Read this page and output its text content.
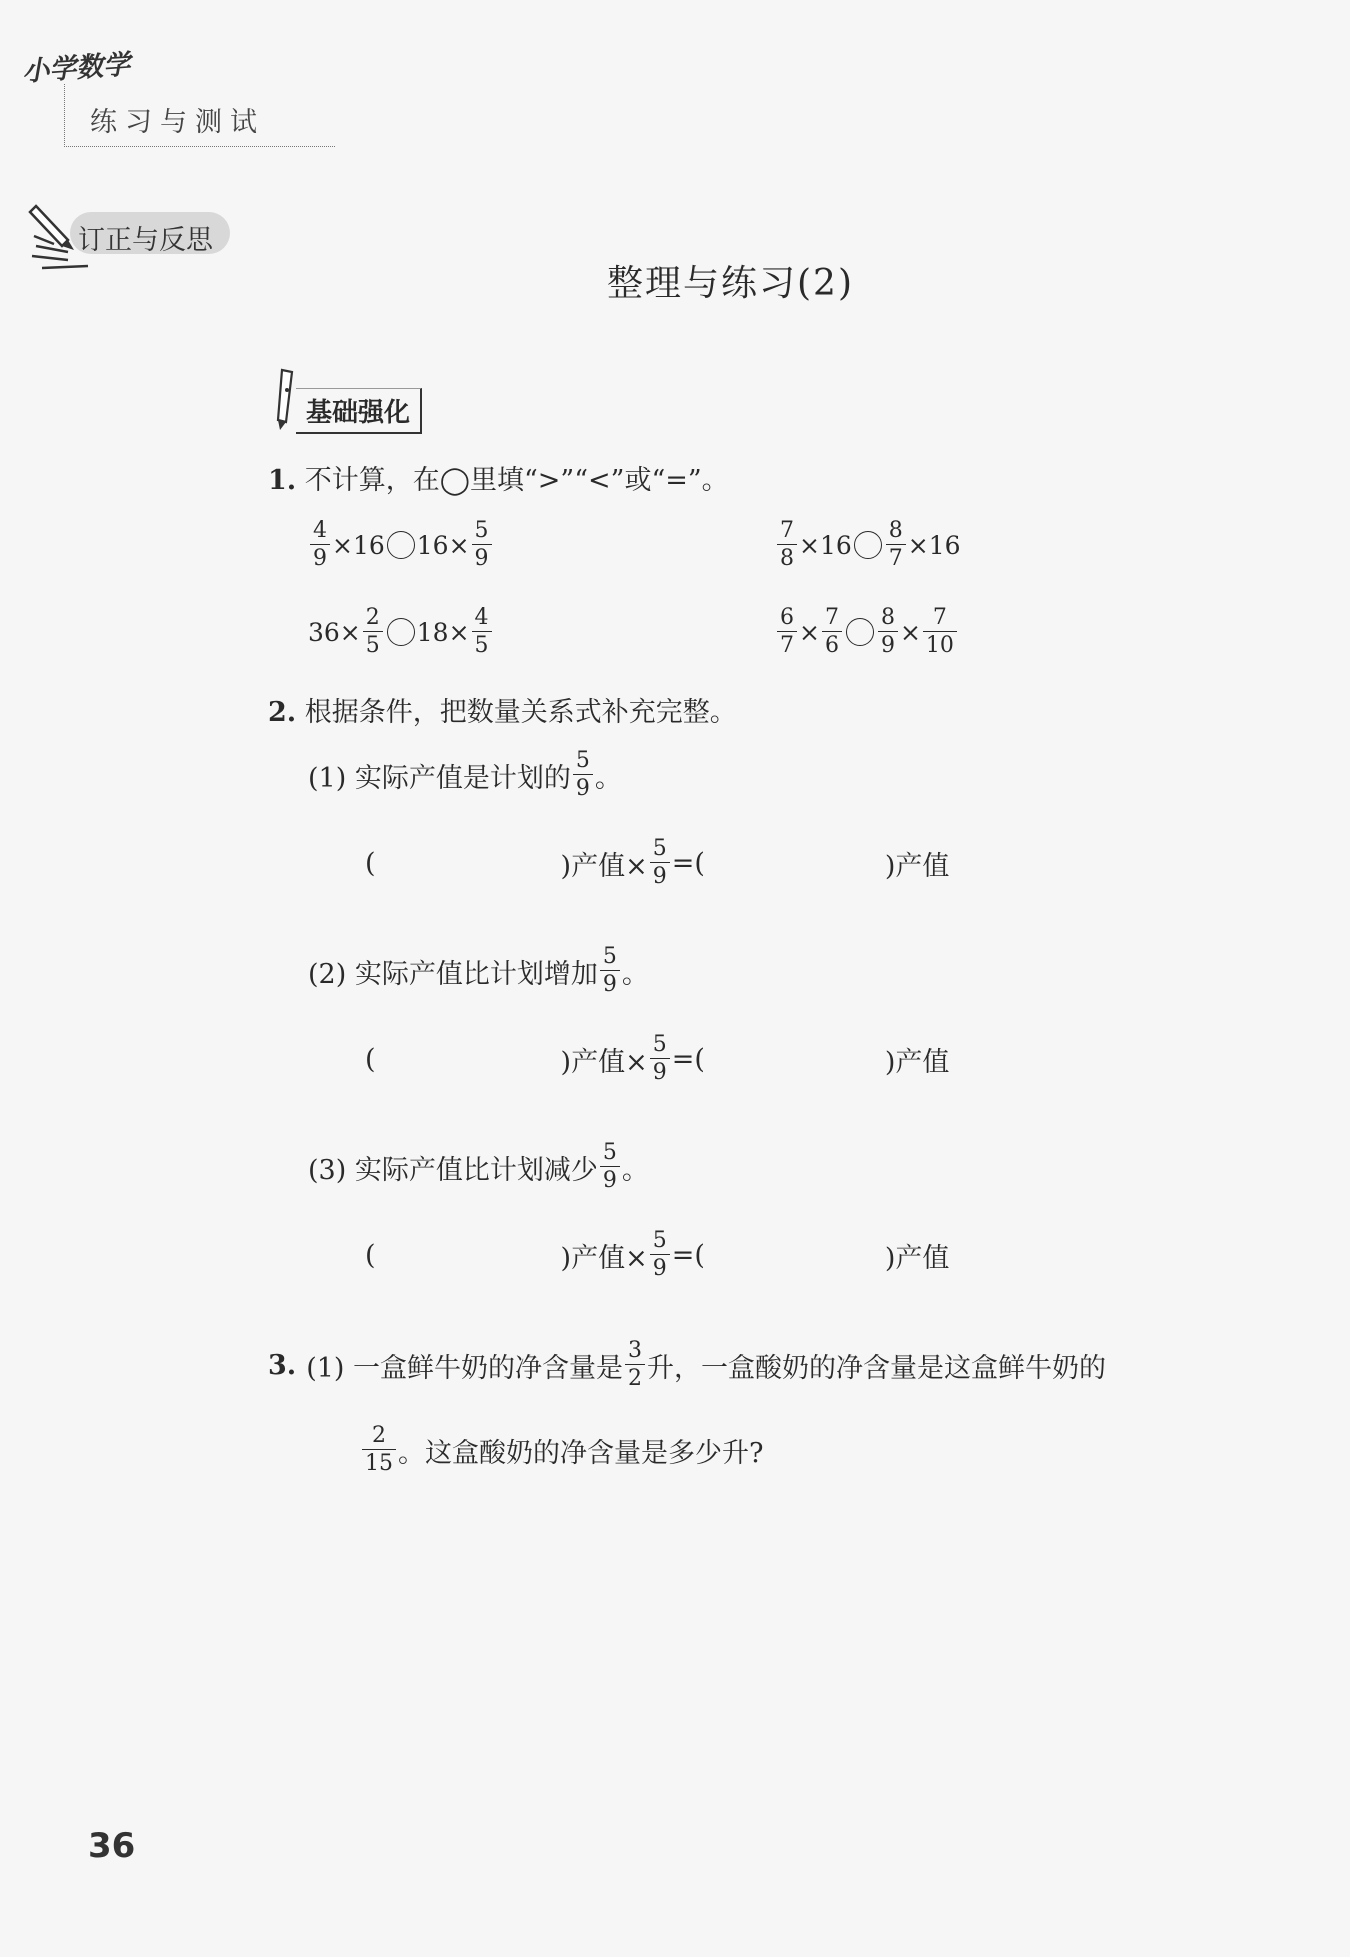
小学数学
练习与测试
订正与反思
整理与练习(2)
基础强化
1. 不计算，在◯里填“>”“<”或“=”。
$\frac{4}{9} \times 16$ $16\times \frac{5}{9}$	$\frac{7}{8} \times 16 \frac{8}{7} \times 16$
$36\times \frac{2}{5} 18\times \frac{4}{5}$	$\frac{6}{7} \times \frac{7}{6} \frac{8}{9} \times \frac{7}{10}$
2. 根据条件，把数量关系式补充完整。
(1) 实际产值是计划的 $\frac{5}{9}$ 。
(	)产值× $\frac{5}{9}$ =(	)产值
(2) 实际产值比计划增加 $\frac{5}{9}$ 。
(	)产值× $\frac{5}{9}$ =(	)产值
(3) 实际产值比计划减少 $\frac{5}{9}$ 。
(	)产值× $\frac{5}{9}$ =(	)产值
3. (1) 一盒鲜牛奶的净含量是 $\frac{3}{2}$ 升，一盒酸奶的净含量是这盒鲜牛奶的
$\frac{2}{15}$ 。这盒酸奶的净含量是多少升?
36
